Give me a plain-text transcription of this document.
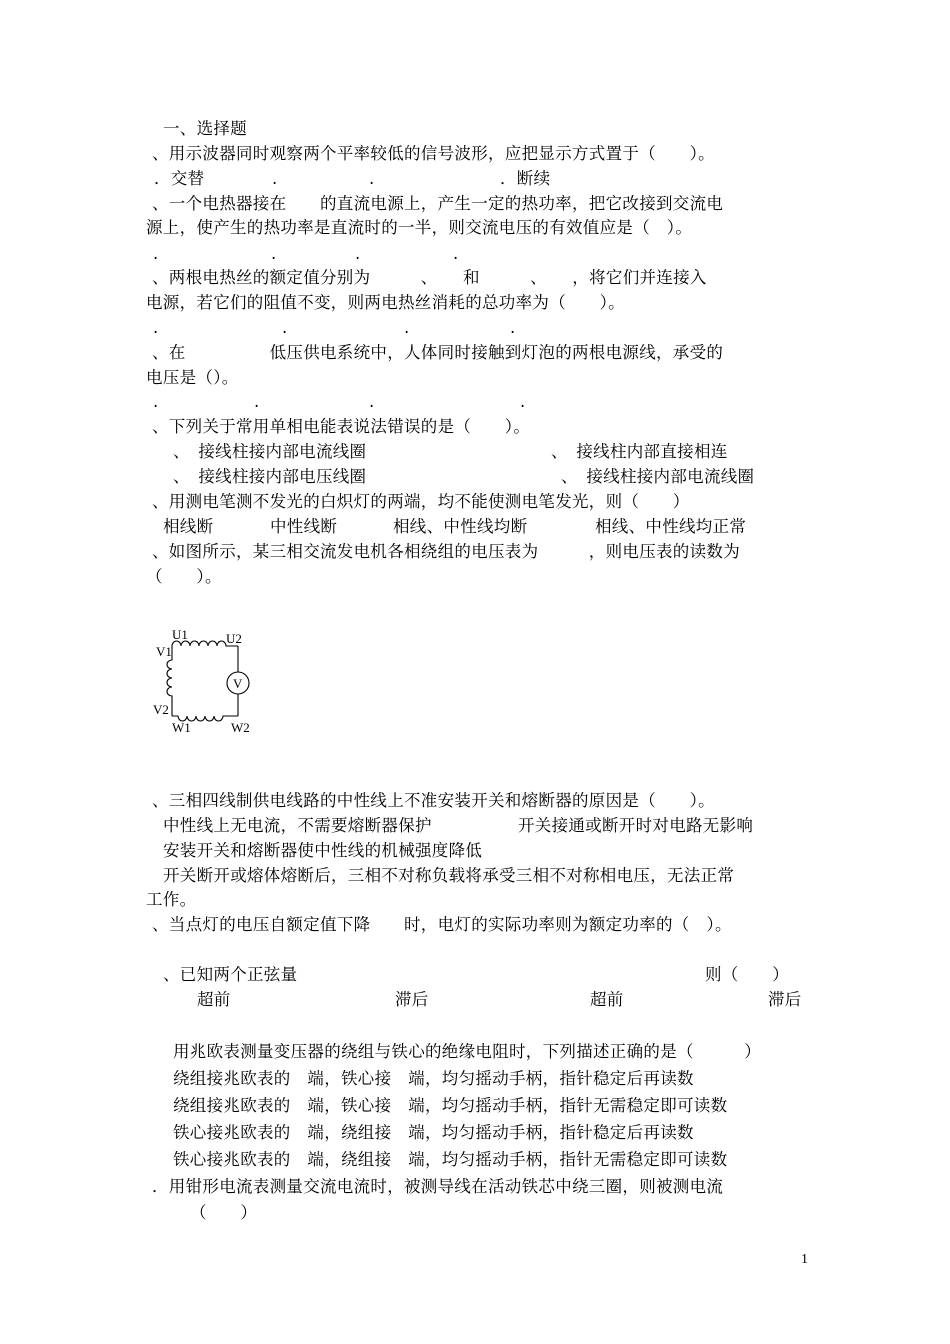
一、选择题
、用示波器同时观察两个平率较低的信号波形，应把显示方式置于（　　）。
．交替	.	.	．断续
、一个电热器接在　　的直流电源上，产生一定的热功率，把它改接到交流电
源上，使产生的热功率是直流时的一半，则交流电压的有效值应是（　）。
.	.	.	.
、两根电热丝的额定值分别为　　　、　　和　　　、　　，将它们并连接入
电源，若它们的阻值不变，则两电热丝消耗的总功率为（　　）。
.	.	.	.
、在　　　　　低压供电系统中，人体同时接触到灯泡的两根电源线，承受的
电压是（）。
.	.	.	.
、下列关于常用单相电能表说法错误的是（　　）。
、　接线柱接内部电流线圈	、　接线柱内部直接相连
、　接线柱接内部电压线圈	、　接线柱接内部电流线圈
、用测电笔测不发光的白炽灯的两端，均不能使测电笔发光，则（　　）
相线断	中性线断	相线、中性线均断	相线、中性线均正常
、如图所示，某三相交流发电机各相绕组的电压表为　　　，则电压表的读数为
（　　）。
V
U1	U2
V1
V2
W1	W2
、三相四线制供电线路的中性线上不准安装开关和熔断器的原因是（　　）。
中性线上无电流，不需要熔断器保护	开关接通或断开时对电路无影响
安装开关和熔断器使中性线的机械强度降低
开关断开或熔体熔断后，三相不对称负载将承受三相不对称相电压，无法正常
工作。
、当点灯的电压自额定值下降　　时，电灯的实际功率则为额定功率的（　）。
、已知两个正弦量	则（　　）
超前	滞后	超前	滞后
用兆欧表测量变压器的绕组与铁心的绝缘电阻时，下列描述正确的是（　　　）
绕组接兆欧表的　端，铁心接　端，均匀摇动手柄，指针稳定后再读数
绕组接兆欧表的　端，铁心接　端，均匀摇动手柄，指针无需稳定即可读数
铁心接兆欧表的　端，绕组接　端，均匀摇动手柄，指针稳定后再读数
铁心接兆欧表的　端，绕组接　端，均匀摇动手柄，指针无需稳定即可读数
．用钳形电流表测量交流电流时，被测导线在活动铁芯中绕三圈，则被测电流
（　　）
1
